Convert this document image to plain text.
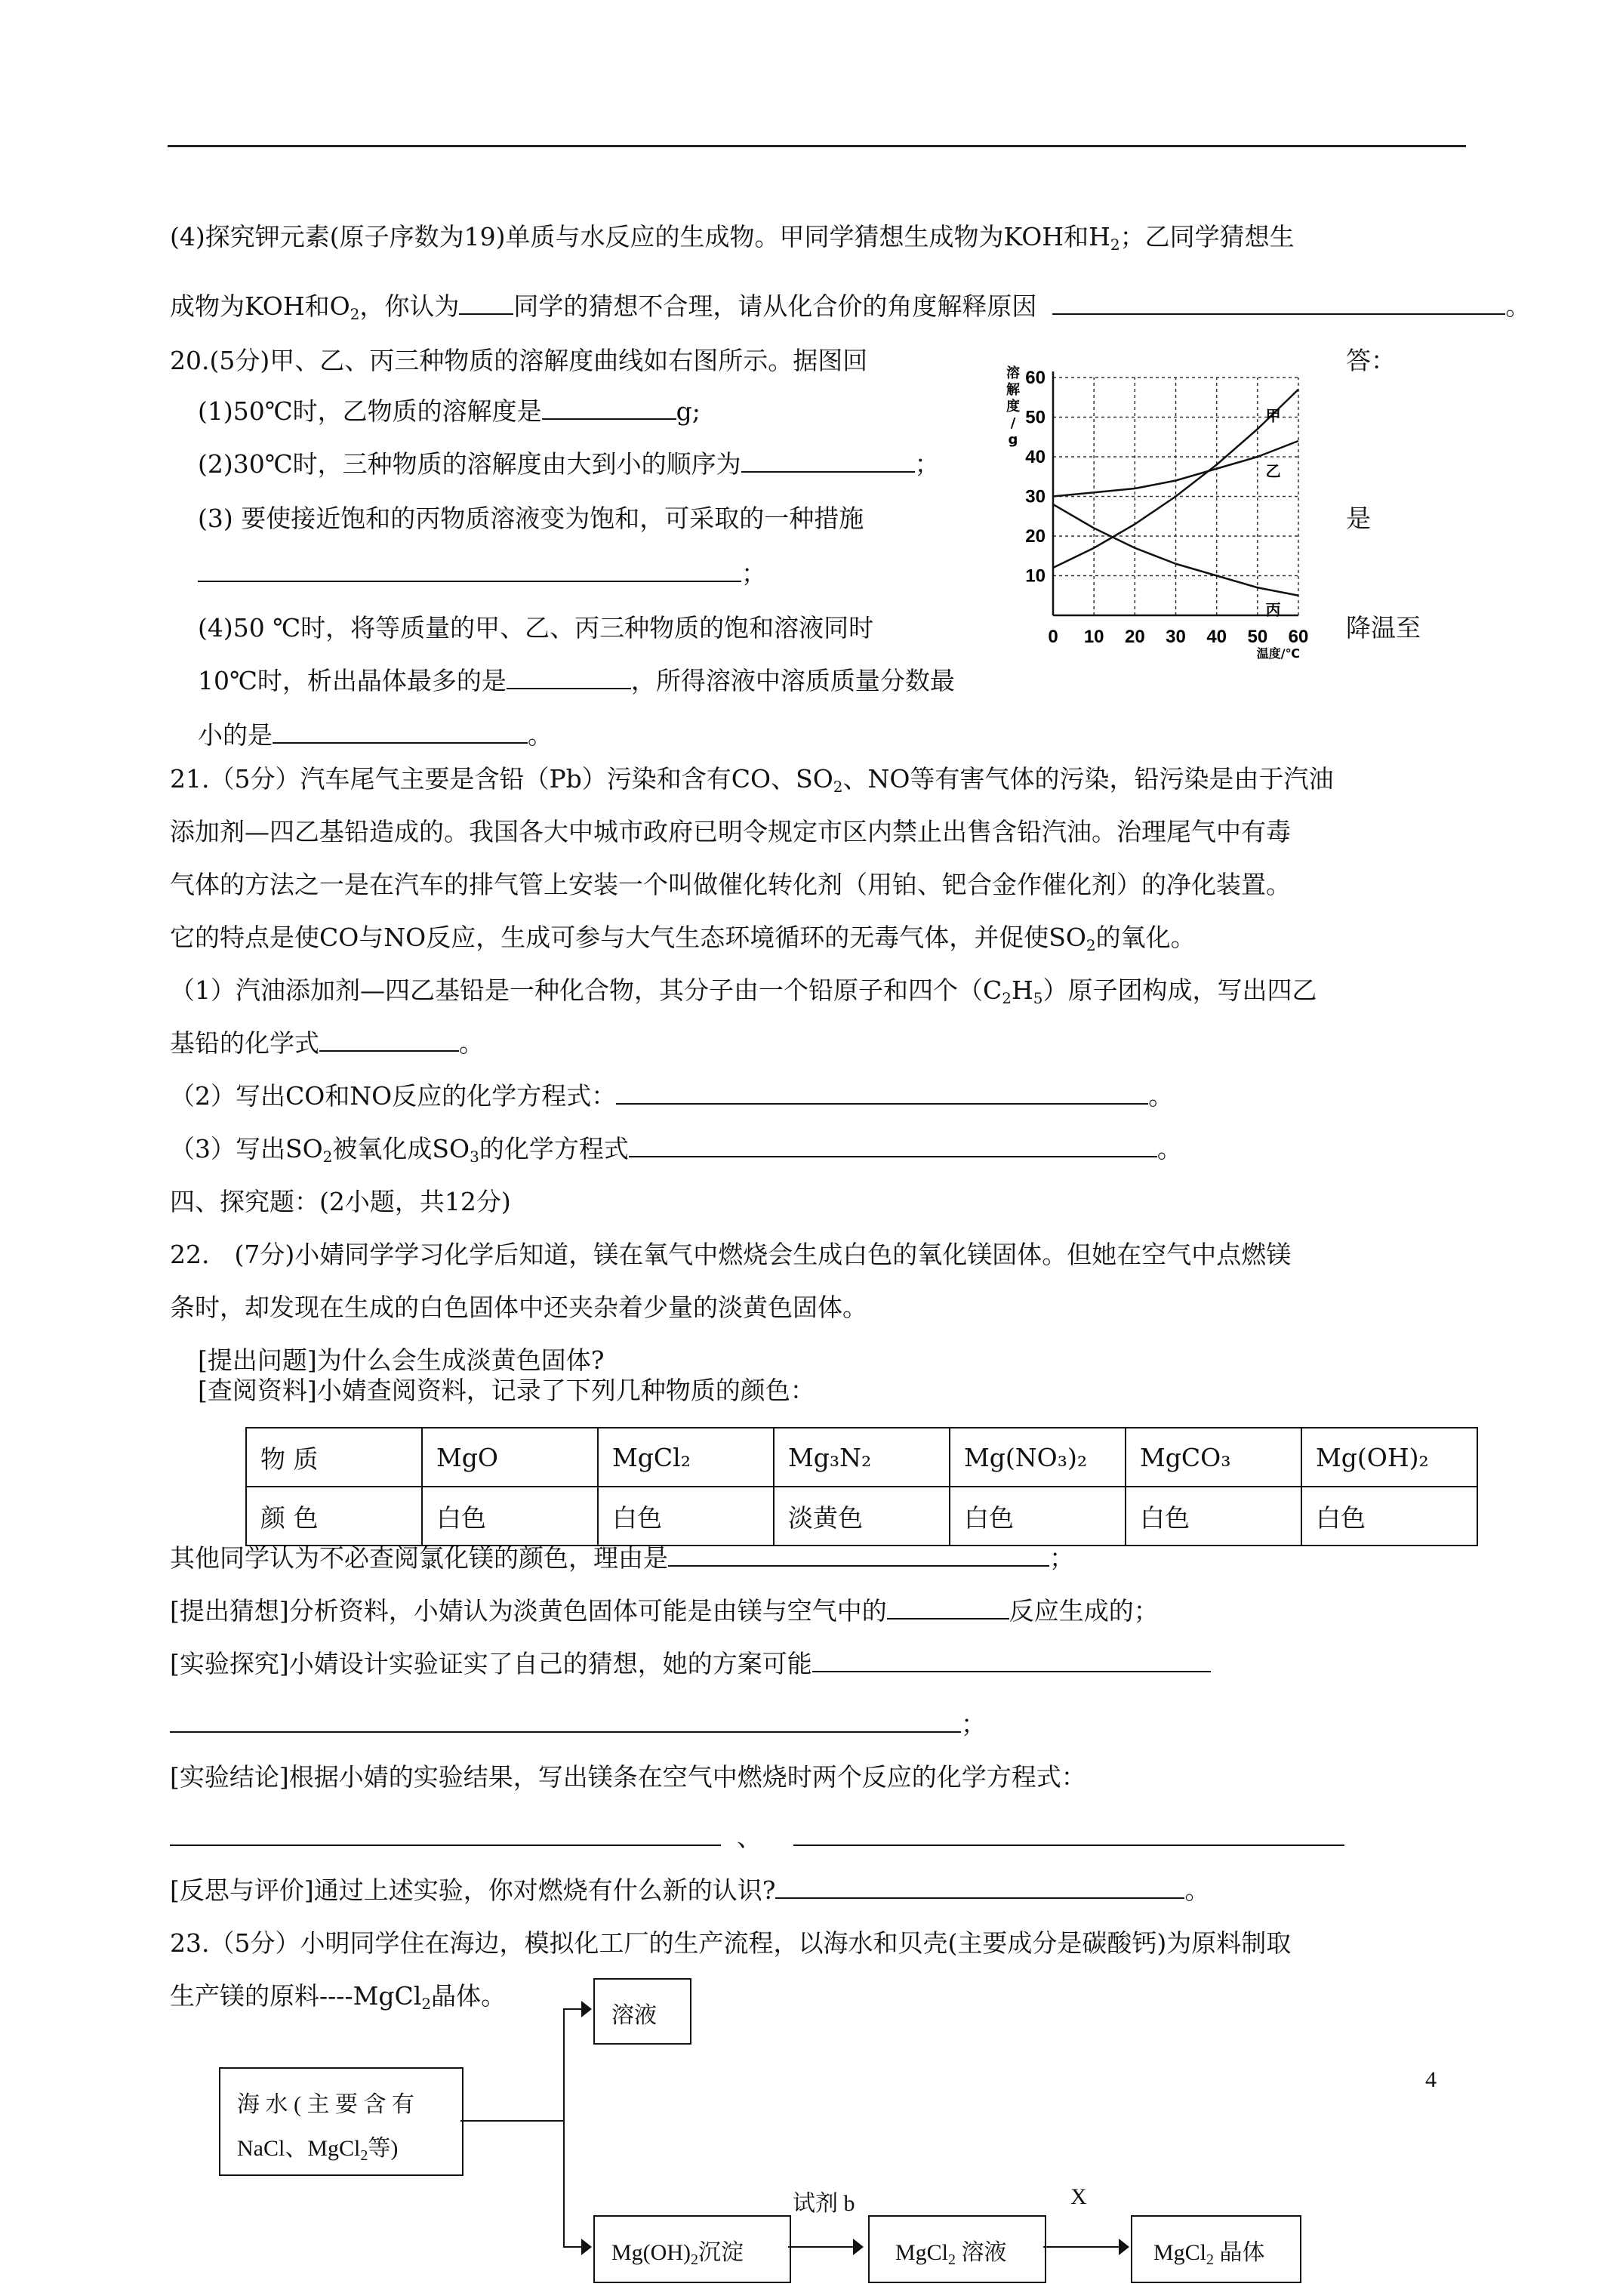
(4)探究钾元素(原子序数为19)单质与水反应的生成物。甲同学猜想生成物为KOH和$H_2$；乙同学猜想生
成物为KOH和$O_2$，你认为 同学的猜想不合理，请从化合价的角度解释原因	。
20.(5分)甲、乙、丙三种物质的溶解度曲线如右图所示。据图回	答：
(1)50℃时，乙物质的溶解度是	g;
(2)30℃时，三种物质的溶解度由大到小的顺序为	；
(3) 要使接近饱和的丙物质溶液变为饱和，可采取的一种措施	是
；
(4)50 ℃时，将等质量的甲、乙、丙三种物质的饱和溶液同时	降温至
10℃时，析出晶体最多的是	，所得溶液中溶质质量分数最
小的是	。
0 10 20 30 40 50 60
10
20
30
40
50
60
溶
解
度
/
g
温度/℃
甲
乙
丙
21.（5分）汽车尾气主要是含铅（Pb）污染和含有CO、$SO_2$、NO等有害气体的污染，铅污染是由于汽油
添加剂—四乙基铅造成的。我国各大中城市政府已明令规定市区内禁止出售含铅汽油。治理尾气中有毒
气体的方法之一是在汽车的排气管上安装一个叫做催化转化剂（用铂、钯合金作催化剂）的净化装置。
它的特点是使CO与NO反应，生成可参与大气生态环境循环的无毒气体，并促使$SO_2$的氧化。
（1）汽油添加剂—四乙基铅是一种化合物，其分子由一个铅原子和四个$(C_2H_5)$原子团构成，写出四乙
基铅的化学式	。
（2）写出CO和NO反应的化学方程式：	。
（3）写出$SO_2$被氧化成$SO_3$的化学方程式	。
四、探究题：(2小题，共12分)
22.　(7分)小婧同学学习化学后知道，镁在氧气中燃烧会生成白色的氧化镁固体。但她在空气中点燃镁
条时，却发现在生成的白色固体中还夹杂着少量的淡黄色固体。
[提出问题]为什么会生成淡黄色固体?
[查阅资料]小婧查阅资料，记录了下列几种物质的颜色：
物 质	MgO	MgCl₂	Mg₃N₂	Mg(NO₃)₂	MgCO₃	Mg(OH)₂
颜 色	白色	白色	淡黄色	白色	白色	白色
其他同学认为不必查阅氯化镁的颜色，理由是	；
[提出猜想]分析资料，小婧认为淡黄色固体可能是由镁与空气中的	反应生成的；
[实验探究]小婧设计实验证实了自己的猜想，她的方案可能
；
[实验结论]根据小婧的实验结果，写出镁条在空气中燃烧时两个反应的化学方程式：
、
[反思与评价]通过上述实验，你对燃烧有什么新的认识?	。
23.（5分）小明同学住在海边，模拟化工厂的生产流程，以海水和贝壳(主要成分是碳酸钙)为原料制取
生产镁的原料----MgCl$_2$晶体。
海 水 ( 主 要 含 有
NaCl、MgCl$_2$等)
溶液
$Mg(OH)_2$沉淀
试剂 b
MgCl$_2$ 溶液
X
MgCl$_2$ 晶体
4
